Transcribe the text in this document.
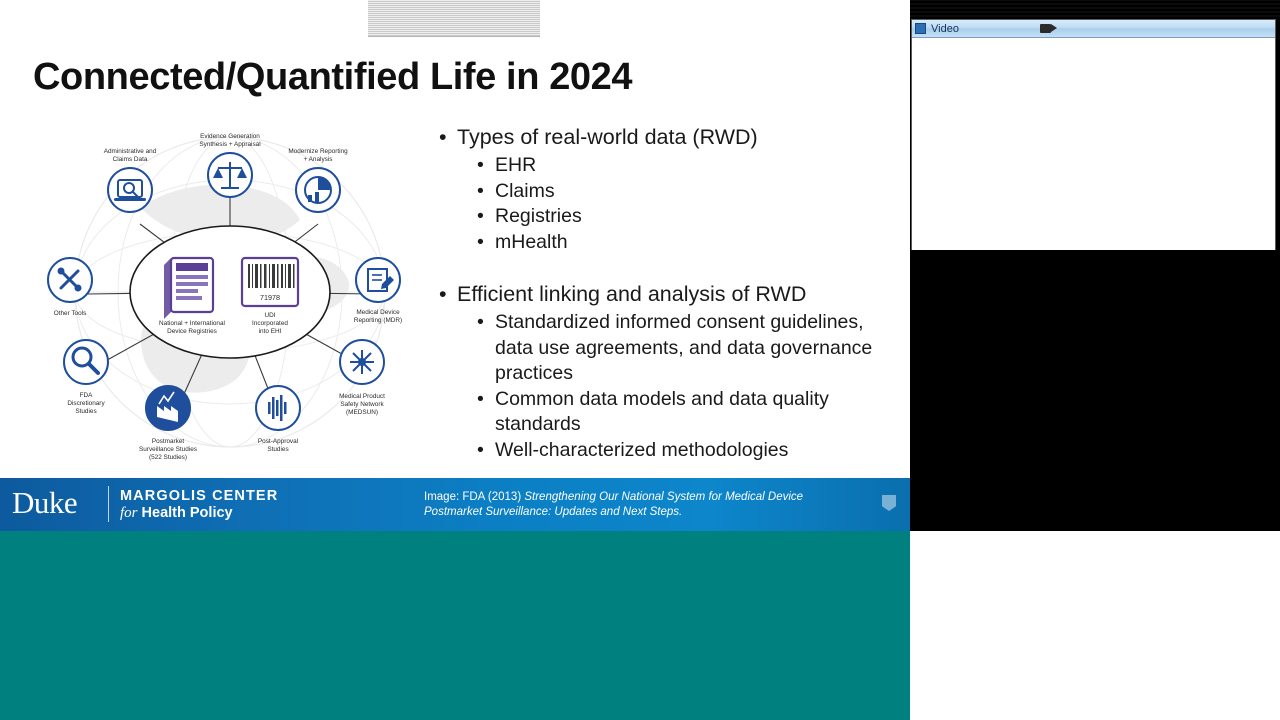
Connected/Quantified Life in 2024
National + International
Device Registries
71978
UDI
Incorporated
into EHI
Evidence Generation
Synthesis + Appraisal
Administrative and
Claims Data
Modernize Reporting
+ Analysis
Other Tools	Medical Device
Reporting (MDR)
FDA
Discretionary
Studies
Medical Product
Safety Network
(MEDSUN)
Postmarket
Surveillance Studies
(522 Studies)
Post-Approval
Studies
• Types of real-world data (RWD)
• EHR
• Claims
• Registries
• mHealth
• Efficient linking and analysis of RWD
• Standardized informed consent guidelines, data use agreements, and data governance practices
• Common data models and data quality standards
• Well-characterized methodologies
Duke	MARGOLIS CENTER
for Health Policy
Image: FDA (2013) Strengthening Our National System for Medical Device
Postmarket Surveillance: Updates and Next Steps.
Video
